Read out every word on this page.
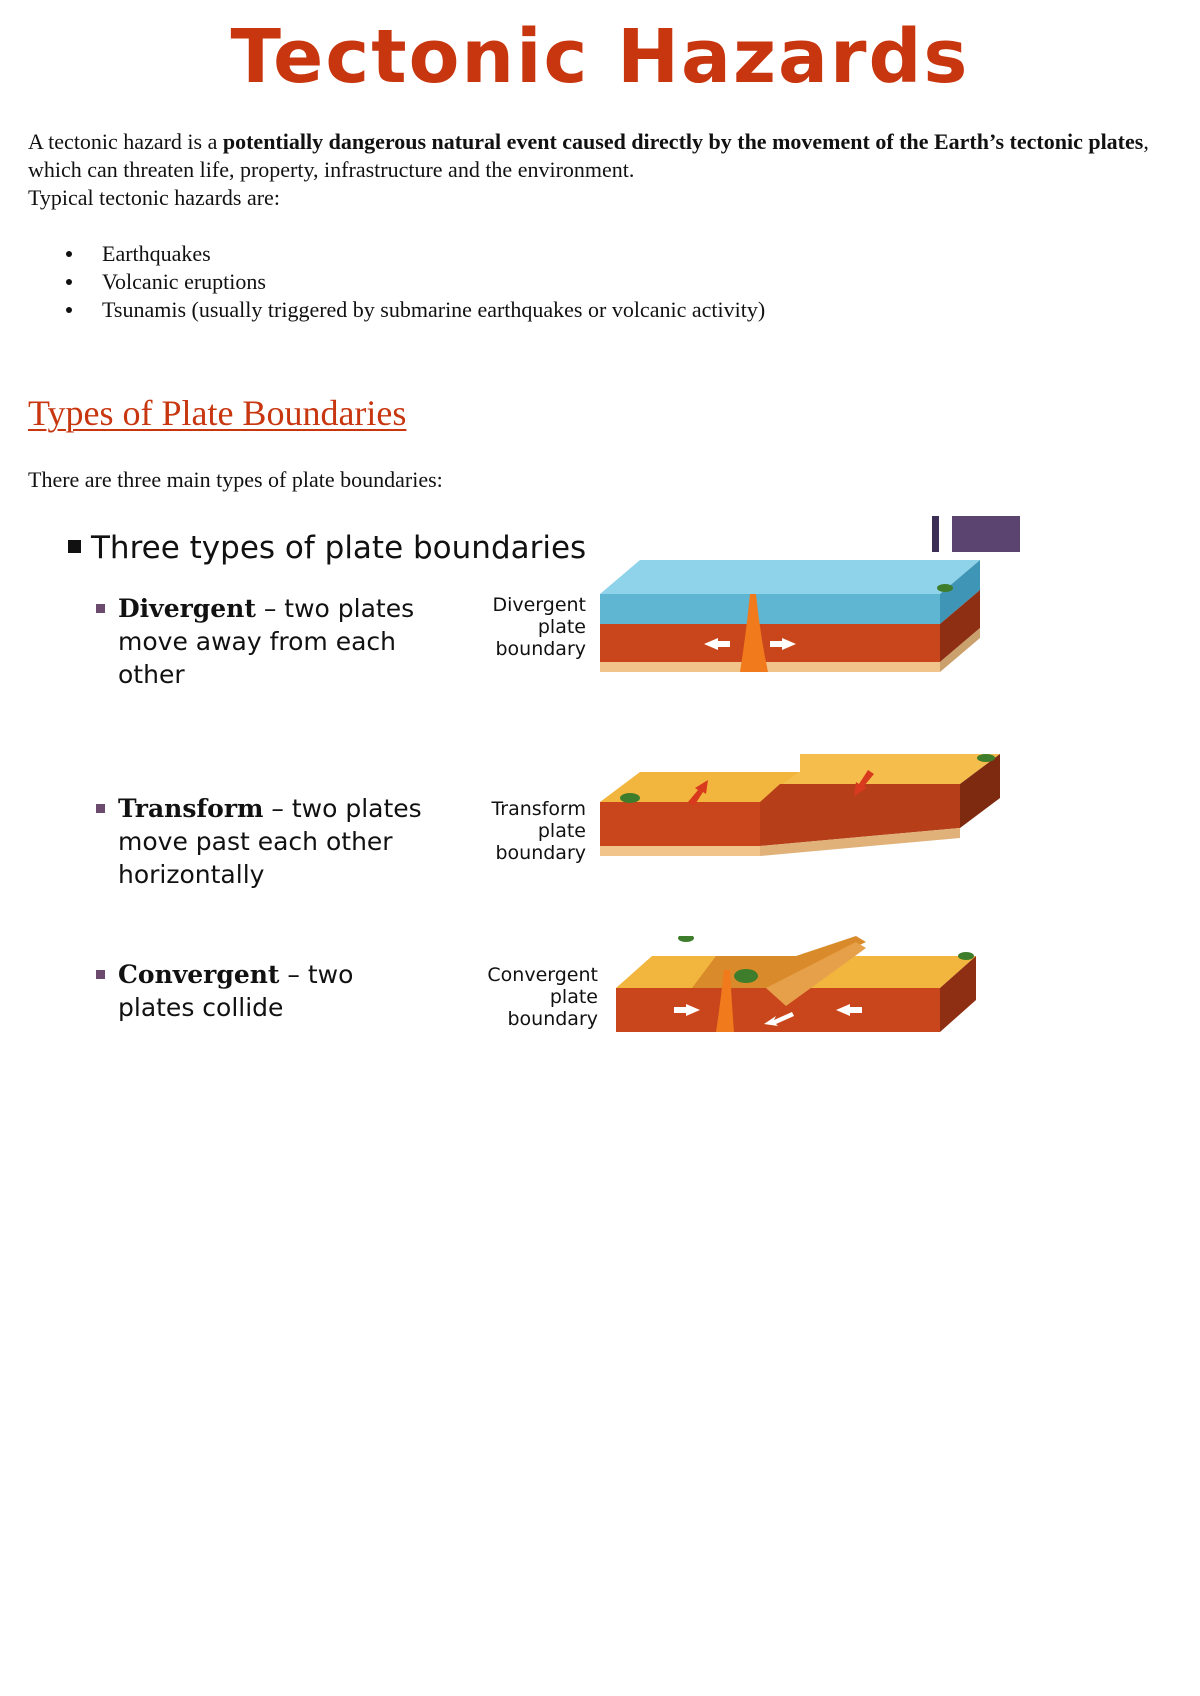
Tectonic Hazards

A tectonic hazard is a potentially dangerous natural event caused directly by the movement of the Earth’s tectonic plates, which can threaten life, property, infrastructure and the environment.
Typical tectonic hazards are:

Earthquakes
Volcanic eruptions
Tsunamis (usually triggered by submarine earthquakes or volcanic activity)
Types of Plate Boundaries

There are three main types of plate boundaries:

Three types of plate boundaries

Divergent – two plates move away from each other
Divergent
plate
boundary
Transform – two plates move past each other horizontally
Transform
plate
boundary
Convergent – two plates collide
Convergent
plate
boundary
